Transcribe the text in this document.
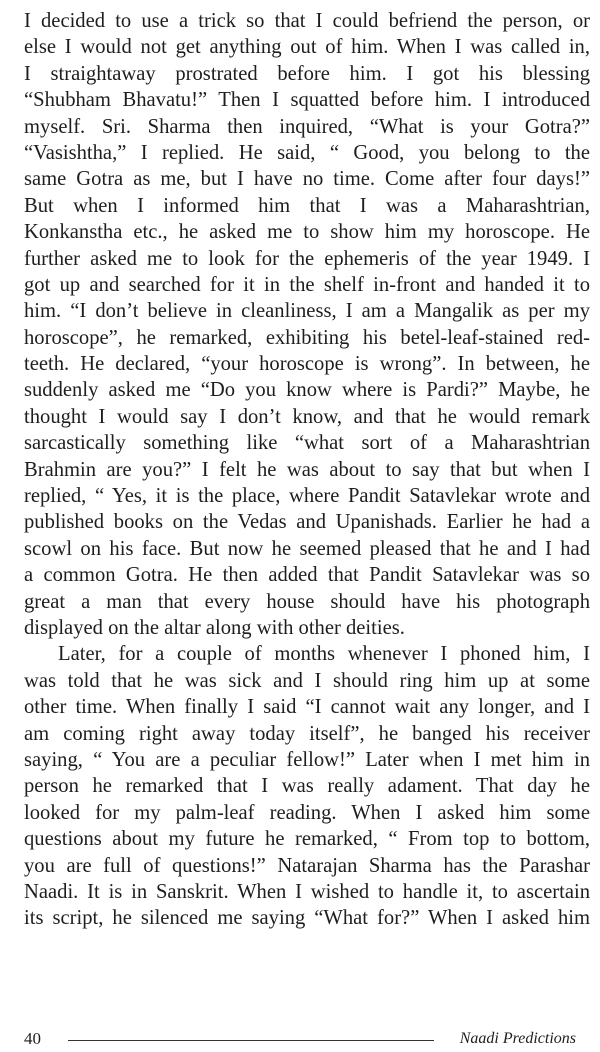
I decided to use a trick so that I could befriend the person, or
else I would not get anything out of him. When I was called in,
I straightaway prostrated before him. I got his blessing
“Shubham Bhavatu!” Then I squatted before him. I introduced
myself. Sri. Sharma then inquired, “What is your Gotra?”
“Vasishtha,” I replied. He said, “ Good, you belong to the
same Gotra as me, but I have no time. Come after four days!”
But when I informed him that I was a Maharashtrian,
Konkanstha etc., he asked me to show him my horoscope. He
further asked me to look for the ephemeris of the year 1949. I
got up and searched for it in the shelf in-front and handed it to
him. “I don’t believe in cleanliness, I am a Mangalik as per my
horoscope”, he remarked, exhibiting his betel-leaf-stained red-
teeth. He declared, “your horoscope is wrong”. In between, he
suddenly asked me “Do you know where is Pardi?” Maybe, he
thought I would say I don’t know, and that he would remark
sarcastically something like “what sort of a Maharashtrian
Brahmin are you?” I felt he was about to say that but when I
replied, “ Yes, it is the place, where Pandit Satavlekar wrote and
published books on the Vedas and Upanishads. Earlier he had a
scowl on his face. But now he seemed pleased that he and I had
a common Gotra. He then added that Pandit Satavlekar was so
great a man that every house should have his photograph
displayed on the altar along with other deities.
Later, for a couple of months whenever I phoned him, I
was told that he was sick and I should ring him up at some
other time. When finally I said “I cannot wait any longer, and I
am coming right away today itself”, he banged his receiver
saying, “ You are a peculiar fellow!” Later when I met him in
person he remarked that I was really adament. That day he
looked for my palm-leaf reading. When I asked him some
questions about my future he remarked, “ From top to bottom,
you are full of questions!” Natarajan Sharma has the Parashar
Naadi. It is in Sanskrit. When I wished to handle it, to ascertain
its script, he silenced me saying “What for?” When I asked him
40	Naadi Predictions
